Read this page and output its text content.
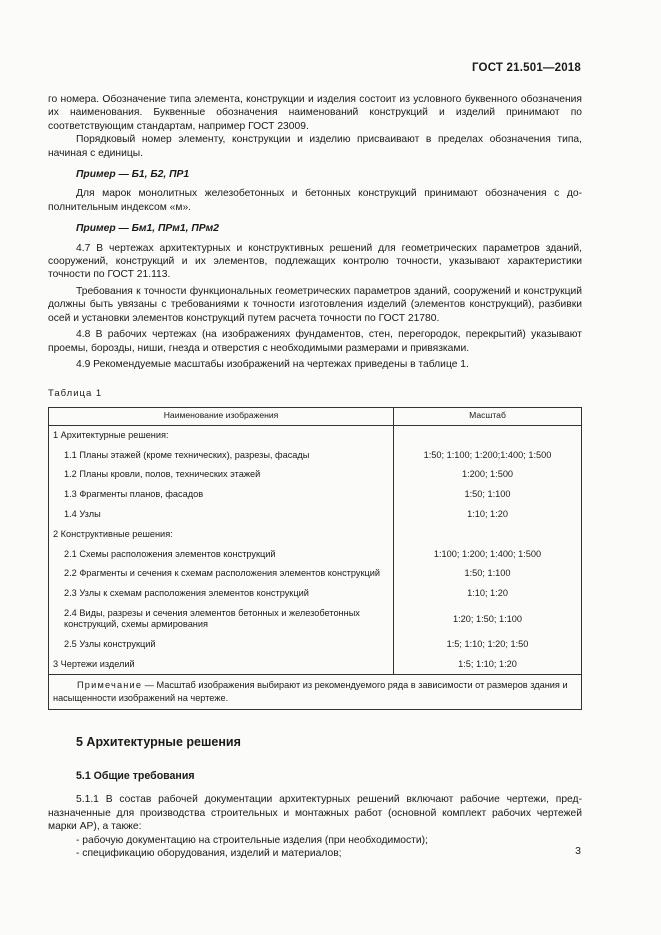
ГОСТ 21.501—2018

го номера. Обозначение типа элемента, конструкции и изделия состоит из условного буквенного обозначения их наименования. Буквенные обозначения наименований конструкций и изделий принимают по соответствующим стандартам, например ГОСТ 23009.

Порядковый номер элементу, конструкции и изделию присваивают в пределах обозначения типа, начиная с единицы.

Пример — Б1, Б2, ПР1

Для марок монолитных железобетонных и бетонных конструкций принимают обозначения с дополнительным индексом «м».

Пример — Бм1, ПРм1, ПРм2

4.7 В чертежах архитектурных и конструктивных решений для геометрических параметров зданий, сооружений, конструкций и их элементов, подлежащих контролю точности, указывают характеристики точности по ГОСТ 21.113.

Требования к точности функциональных геометрических параметров зданий, сооружений и конструкций должны быть увязаны с требованиями к точности изготовления изделий (элементов конструкций), разбивки осей и установки элементов конструкций путем расчета точности по ГОСТ 21780.

4.8 В рабочих чертежах (на изображениях фундаментов, стен, перегородок, перекрытий) указывают проемы, борозды, ниши, гнезда и отверстия с необходимыми размерами и привязками.

4.9 Рекомендуемые масштабы изображений на чертежах приведены в таблице 1.

Таблица 1

Наименование изображения	Масштаб
1 Архитектурные решения:	
1.1 Планы этажей (кроме технических), разрезы, фасады	1:50; 1:100; 1:200;1:400; 1:500
1.2 Планы кровли, полов, технических этажей	1:200; 1:500
1.3 Фрагменты планов, фасадов	1:50; 1:100
1.4 Узлы	1:10; 1:20
2 Конструктивные решения:	
2.1 Схемы расположения элементов конструкций	1:100; 1:200; 1:400; 1:500
2.2 Фрагменты и сечения к схемам расположения элементов конструкций	1:50; 1:100
2.3 Узлы к схемам расположения элементов конструкций	1:10; 1:20
2.4 Виды, разрезы и сечения элементов бетонных и железобетонных конструкций, схемы армирования	1:20; 1:50; 1:100
2.5 Узлы конструкций	1:5; 1:10; 1:20; 1:50
3 Чертежи изделий	1:5; 1:10; 1:20
Примечание — Масштаб изображения выбирают из рекомендуемого ряда в зависимости от размеров здания и насыщенности изображений на чертеже.	
5 Архитектурные решения
5.1 Общие требования

5.1.1 В состав рабочей документации архитектурных решений включают рабочие чертежи, предназначенные для производства строительных и монтажных работ (основной комплект рабочих чертежей марки АР), а также:

- рабочую документацию на строительные изделия (при необходимости);

- спецификацию оборудования, изделий и материалов;	3
